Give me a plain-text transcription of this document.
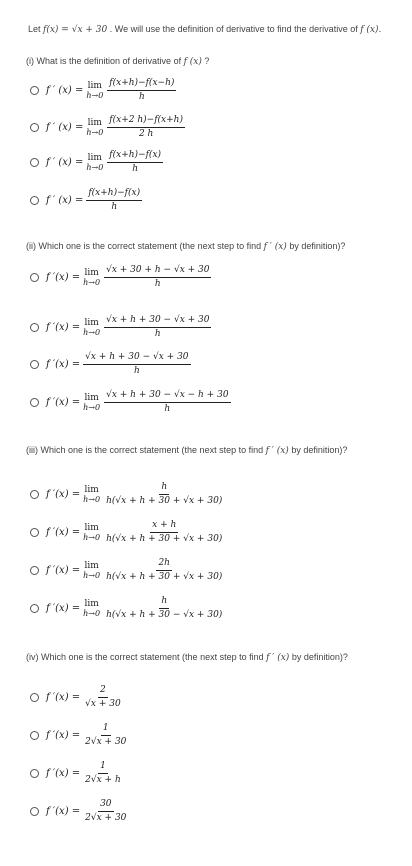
Let f(x) = √x + 30 . We will use the definition of derivative to find the derivative of f (x).
(i) What is the definition of derivative of f (x) ?
f ′ (x) = lim
$h\to 0 \frac{f(x+h)-f(x-h)}{h}$
f ′ (x) = lim
$h\to 0 \frac{f(x+2 h)-f(x+h)}{2 h}$
f ′ (x) = lim
$h\to 0 \frac{f(x+h)-f(x)}{h}$
f ′ $(x) = \frac{f(x+h)-f(x)}{h}$
(ii) Which one is the correct statement (the next step to find f ′ (x) by definition)?
f ′(x) = lim
$h\to 0 \frac{√x + 30 + h - √x + 30}{h}$
f ′(x) = lim
$h\to 0 \frac{√x + h + 30 - √x + 30}{h}$
f $'(x) = \frac{√x + h + 30 - √x + 30}{h}$
f ′(x) = lim
$h\to 0 \frac{√x + h + 30 - √x - h + 30}{h}$
(iii) Which one is the correct statement (the next step to find f ′ (x) by definition)?
f ′(x) = lim
$h\to 0 \frac{h}{h(√x + h + 30 + √x + 30)}$
f ′(x) = lim
$h\to 0 \frac{x + h}{h(√x + h + 30 + √x + 30)}$
f ′(x) = lim
$h\to 0 \frac{2h}{h(√x + h + 30 + √x + 30)}$
f ′(x) = lim
$h\to 0 \frac{h}{h(√x + h + 30 - √x + 30)}$
(iv) Which one is the correct statement (the next step to find f ′ (x) by definition)?
f $'(x) = \frac{2}{√x + 30}$
f $'(x) = \frac{1}{2√x + 30}$
f $'(x) = \frac{1}{2√x + h}$
f $'(x) = \frac{30}{2√x + 30}$
